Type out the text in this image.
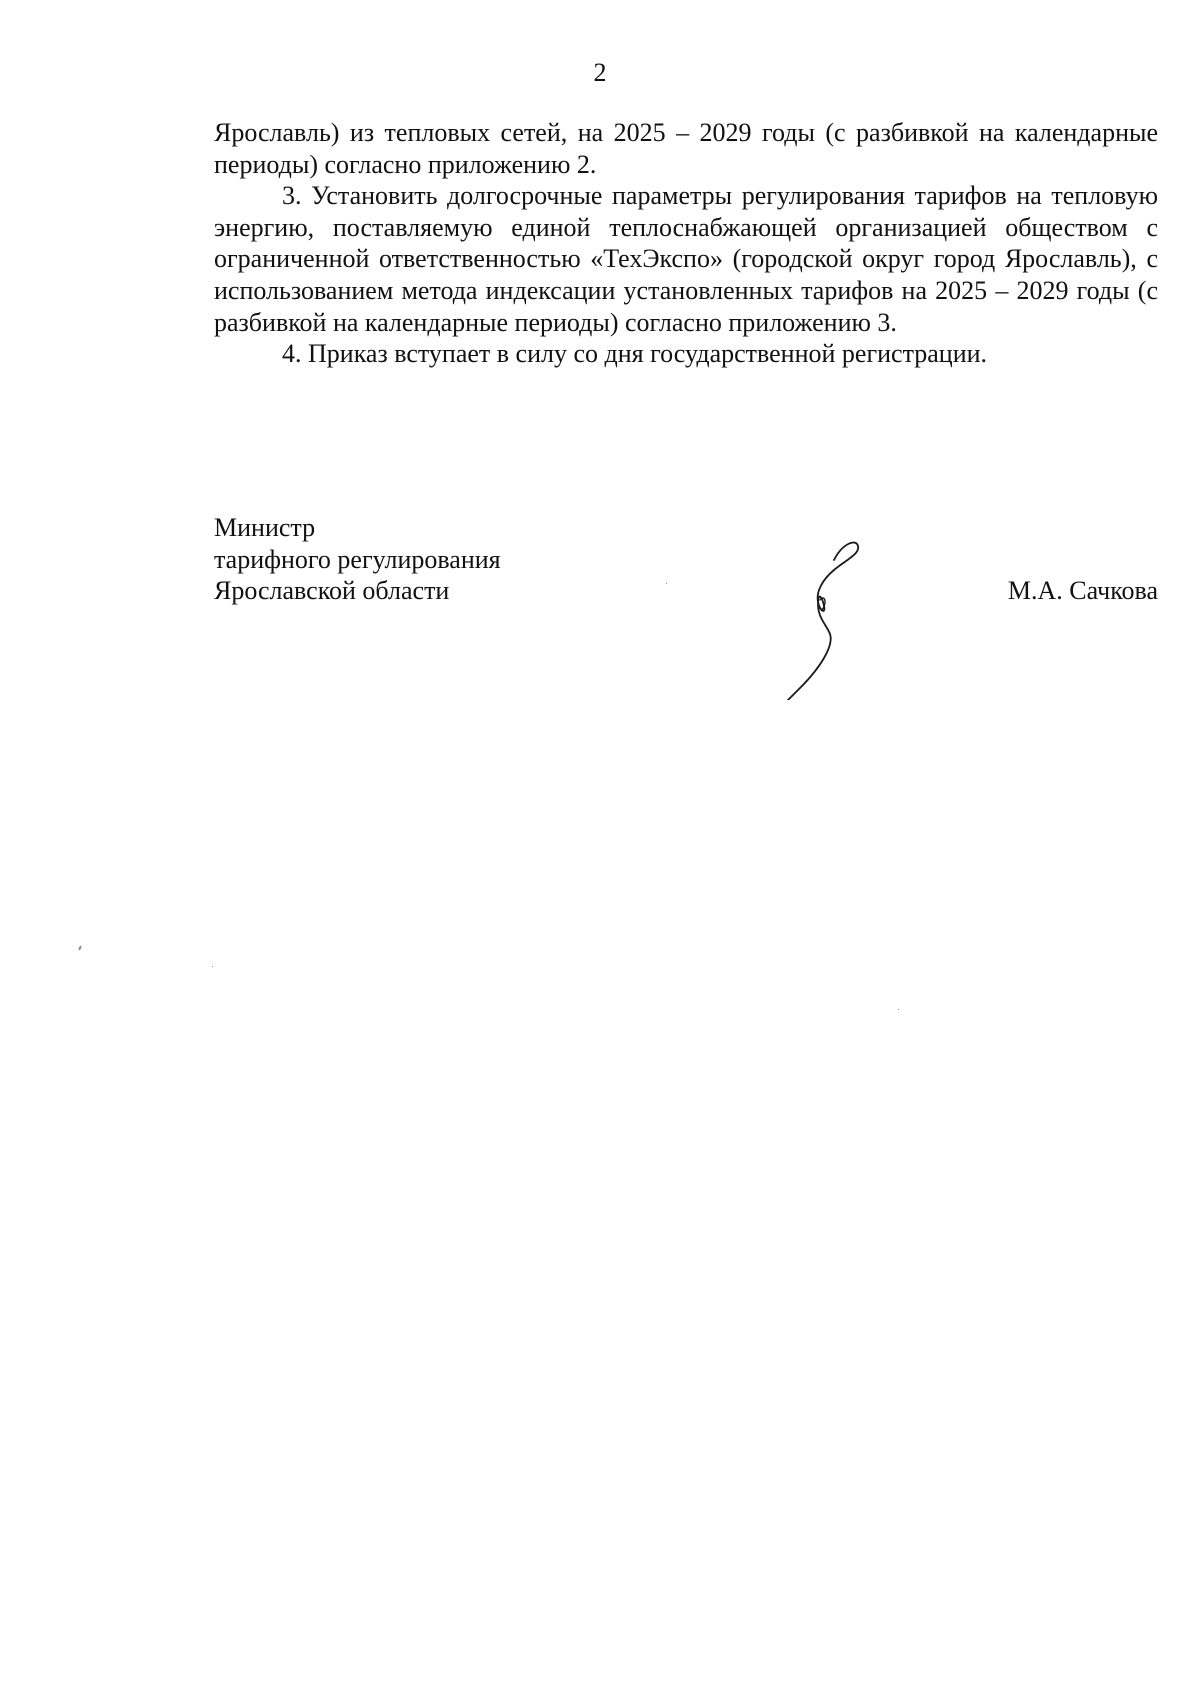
2

Ярославль) из тепловых сетей, на 2025 – 2029 годы (с разбивкой на календарные периоды) согласно приложению 2.

3. Установить долгосрочные параметры регулирования тарифов на тепловую энергию, поставляемую единой теплоснабжающей организацией обществом с ограниченной ответственностью «ТехЭкспо» (городской округ город Ярославль), с использованием метода индексации установленных тарифов на 2025 – 2029 годы (с разбивкой на календарные периоды) согласно приложению 3.

4. Приказ вступает в силу со дня государственной регистрации.

Министр
тарифного регулирования
Ярославской области	М.А. Сачкова
